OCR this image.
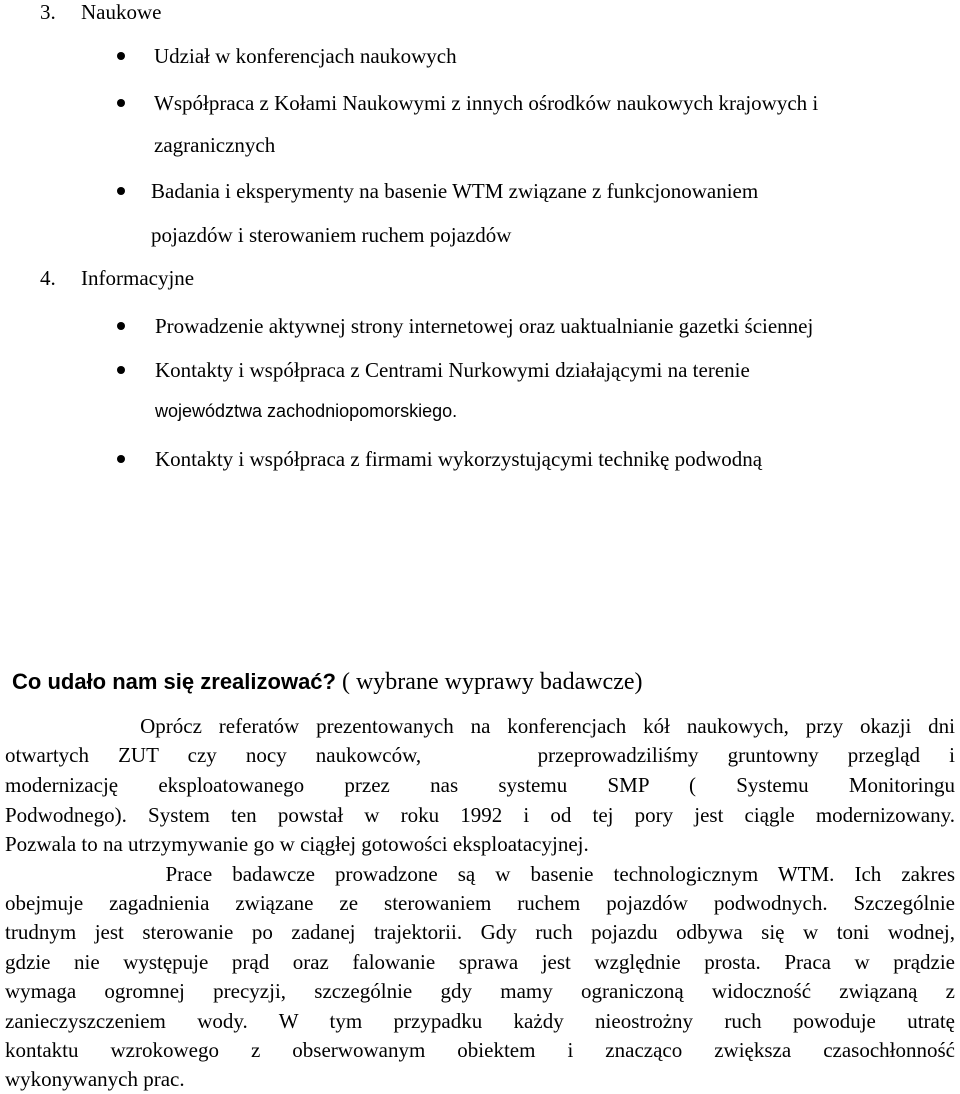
3. Naukowe
Udział w konferencjach naukowych
Współpraca z Kołami Naukowymi z innych ośrodków naukowych krajowych i
zagranicznych
Badania i eksperymenty na basenie WTM związane z funkcjonowaniem
pojazdów i sterowaniem ruchem pojazdów
4. Informacyjne
Prowadzenie aktywnej strony internetowej oraz uaktualnianie gazetki ściennej
Kontakty i współpraca z Centrami Nurkowymi działającymi na terenie
województwa zachodniopomorskiego.
Kontakty i współpraca z firmami wykorzystującymi technikę podwodną
Co udało nam się zrealizować? ( wybrane wyprawy badawcze)
Oprócz referatów prezentowanych na konferencjach kół naukowych, przy okazji dni
otwartych ZUT czy nocy naukowców,    przeprowadziliśmy gruntowny przegląd i
modernizację eksploatowanego przez nas systemu SMP ( Systemu Monitoringu
Podwodnego). System ten powstał w roku 1992 i od tej pory jest ciągle modernizowany.
Pozwala to na utrzymywanie go w ciągłej gotowości eksploatacyjnej.
Prace badawcze prowadzone są w basenie technologicznym WTM. Ich zakres
obejmuje zagadnienia związane ze sterowaniem ruchem pojazdów podwodnych. Szczególnie
trudnym jest sterowanie po zadanej trajektorii. Gdy ruch pojazdu odbywa się w toni wodnej,
gdzie nie występuje prąd oraz falowanie sprawa jest względnie prosta. Praca w prądzie
wymaga ogromnej precyzji, szczególnie gdy mamy ograniczoną widoczność związaną z
zanieczyszczeniem wody. W tym przypadku każdy nieostrożny ruch powoduje utratę
kontaktu wzrokowego z obserwowanym obiektem i znacząco zwiększa czasochłonność
wykonywanych prac.
